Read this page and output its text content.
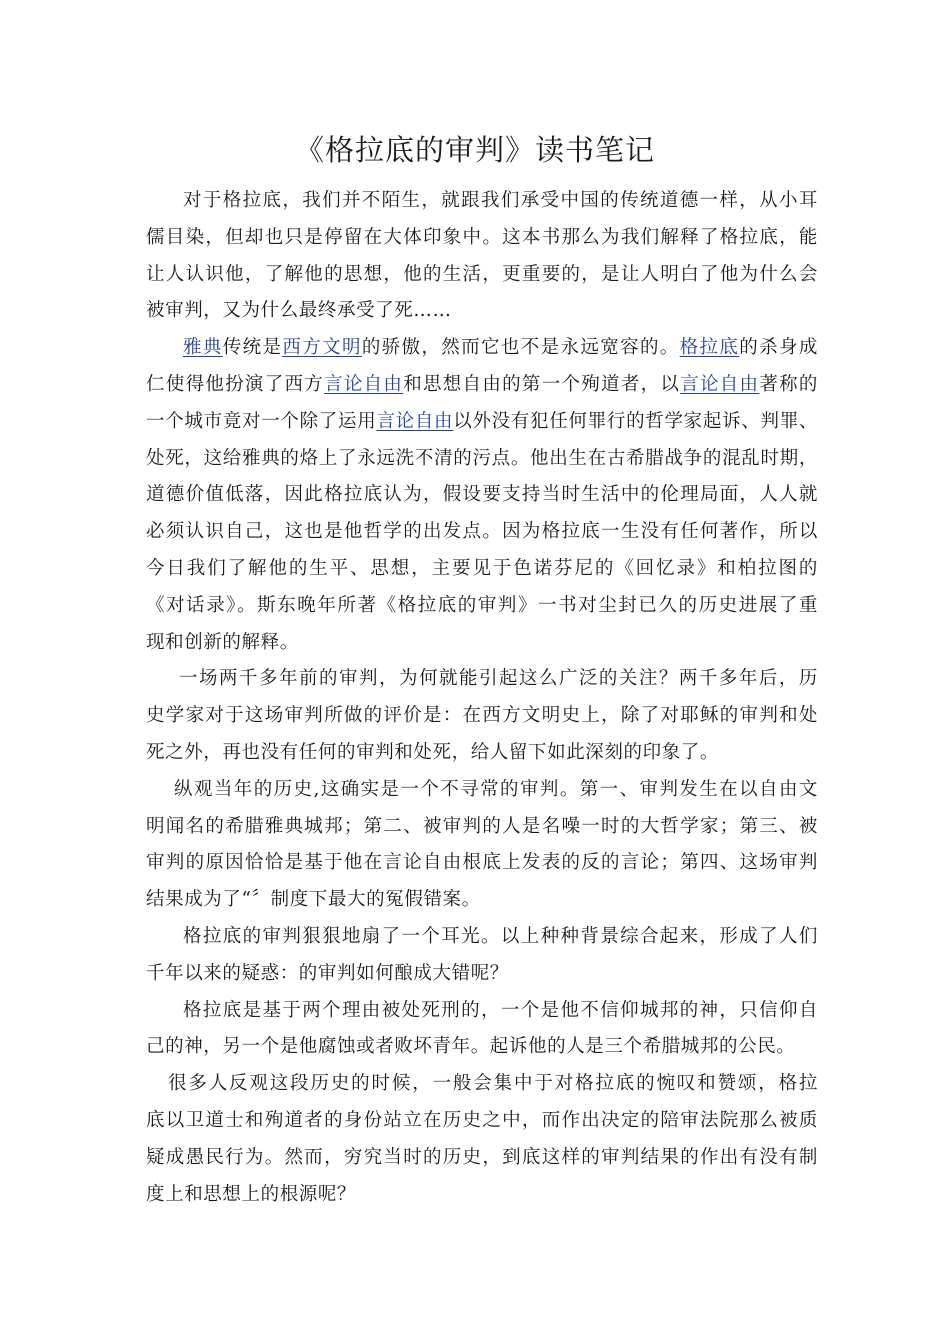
《格拉底的审判》读书笔记
对于格拉底，我们并不陌生，就跟我们承受中国的传统道德一样，从小耳
儒目染，但却也只是停留在大体印象中。这本书那么为我们解释了格拉底，能
让人认识他，了解他的思想，他的生活，更重要的，是让人明白了他为什么会
被审判，又为什么最终承受了死……
雅典传统是西方文明的骄傲，然而它也不是永远宽容的。格拉底的杀身成
仁使得他扮演了西方言论自由和思想自由的第一个殉道者，以言论自由著称的
一个城市竟对一个除了运用言论自由以外没有犯任何罪行的哲学家起诉、判罪、
处死，这给雅典的烙上了永远洗不清的污点。他出生在古希腊战争的混乱时期，
道德价值低落，因此格拉底认为，假设要支持当时生活中的伦理局面，人人就
必须认识自己，这也是他哲学的出发点。因为格拉底一生没有任何著作，所以
今日我们了解他的生平、思想，主要见于色诺芬尼的《回忆录》和柏拉图的
《对话录》。斯东晚年所著《格拉底的审判》一书对尘封已久的历史进展了重
现和创新的解释。
一场两千多年前的审判，为何就能引起这么广泛的关注？两千多年后，历
史学家对于这场审判所做的评价是：在西方文明史上，除了对耶稣的审判和处
死之外，再也没有任何的审判和处死，给人留下如此深刻的印象了。
纵观当年的历史,这确实是一个不寻常的审判。第一、审判发生在以自由文
明闻名的希腊雅典城邦；第二、被审判的人是名噪一时的大哲学家；第三、被
审判的原因恰恰是基于他在言论自由根底上发表的反的言论；第四、这场审判
结果成为了“〞制度下最大的冤假错案。
格拉底的审判狠狠地扇了一个耳光。以上种种背景综合起来，形成了人们
千年以来的疑惑：的审判如何酿成大错呢？
格拉底是基于两个理由被处死刑的，一个是他不信仰城邦的神，只信仰自
己的神，另一个是他腐蚀或者败坏青年。起诉他的人是三个希腊城邦的公民。
很多人反观这段历史的时候，一般会集中于对格拉底的惋叹和赞颂，格拉
底以卫道士和殉道者的身份站立在历史之中，而作出决定的陪审法院那么被质
疑成愚民行为。然而，穷究当时的历史，到底这样的审判结果的作出有没有制
度上和思想上的根源呢？
